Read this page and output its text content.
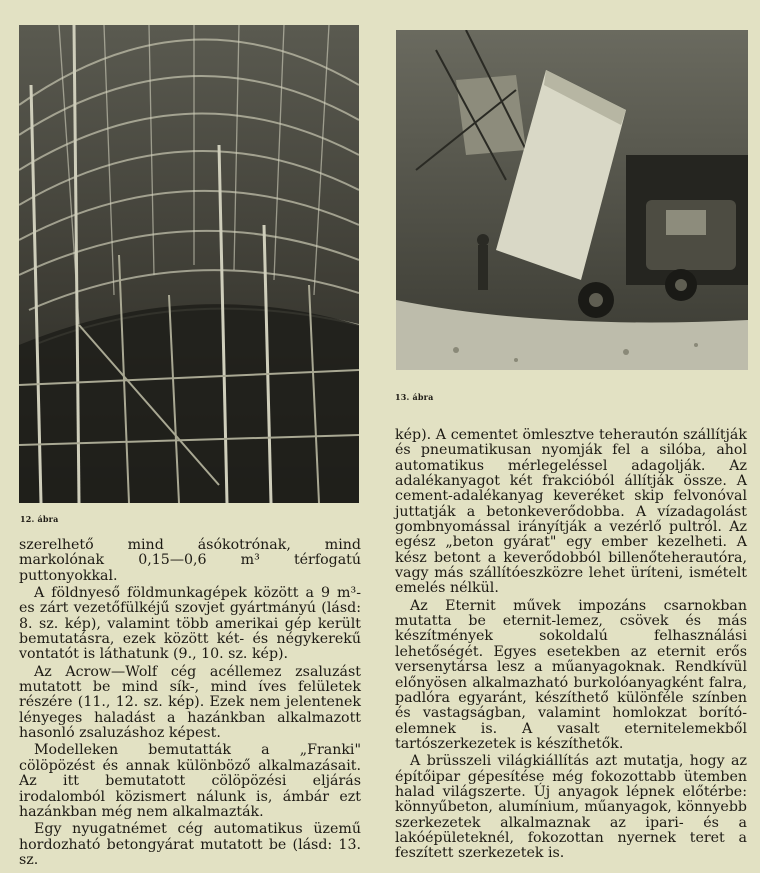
12. ábra
13. ábra

szerelhető mind ásókotrónak, mind markolónak 0,15—0,6 m³ térfogatú puttonyokkal.

A földnyeső földmunkagépek között a 9 m³-es zárt vezetőfülkéjű szovjet gyártmányú (lásd: 8. sz. kép), valamint több amerikai gép került bemutatásra, ezek között két- és négykerekű vontatót is láthatunk (9., 10. sz. kép).

Az Acrow—Wolf cég acéllemez zsaluzást mutatott be mind sík-, mind íves felületek részére (11., 12. sz. kép). Ezek nem jelentenek lényeges haladást a hazánkban alkalmazott hasonló zsaluzáshoz képest.

Modelleken bemutatták a „Franki" cölöpözést és annak különböző alkalmazásait. Az itt bemutatott cölöpözési eljárás irodalomból közismert nálunk is, ámbár ezt hazánkban még nem alkalmazták.

Egy nyugatnémet cég automatikus üzemű hordozható betongyárat mutatott be (lásd: 13. sz.

kép). A cementet ömlesztve teherautón szállítják és pneumatikusan nyomják fel a silóba, ahol automatikus mérlegeléssel adagolják. Az adalékanyagot két frakcióból állítják össze. A cement-adalékanyag keveréket skip felvonóval juttatják a betonkeverődobba. A vízadagolást gombnyomással irányítják a vezérlő pultról. Az egész „beton gyárat" egy ember kezelheti. A kész betont a keverődobból billenőteherautóra, vagy más szállítóeszközre lehet üríteni, ismételt emelés nélkül.

Az Eternit művek impozáns csarnokban mutatta be eternit-lemez, csövek és más készítmények sokoldalú felhasználási lehetőségét. Egyes esetekben az eternit erős versenytársa lesz a műanyagoknak. Rendkívül előnyösen alkalmazható burkolóanyagként falra, padlóra egyaránt, készíthető különféle színben és vastagságban, valamint homlokzat borító-elemnek is. A vasalt eternitelemekből tartószerkezetek is készíthetők.

A brüsszeli világkiállítás azt mutatja, hogy az építőipar gépesítése még fokozottabb ütemben halad világszerte. Új anyagok lépnek előtérbe: könnyűbeton, alumínium, műanyagok, könnyebb szerkezetek alkalmaznak az ipari- és a lakóépületeknél, fokozottan nyernek teret a feszített szerkezetek is.
